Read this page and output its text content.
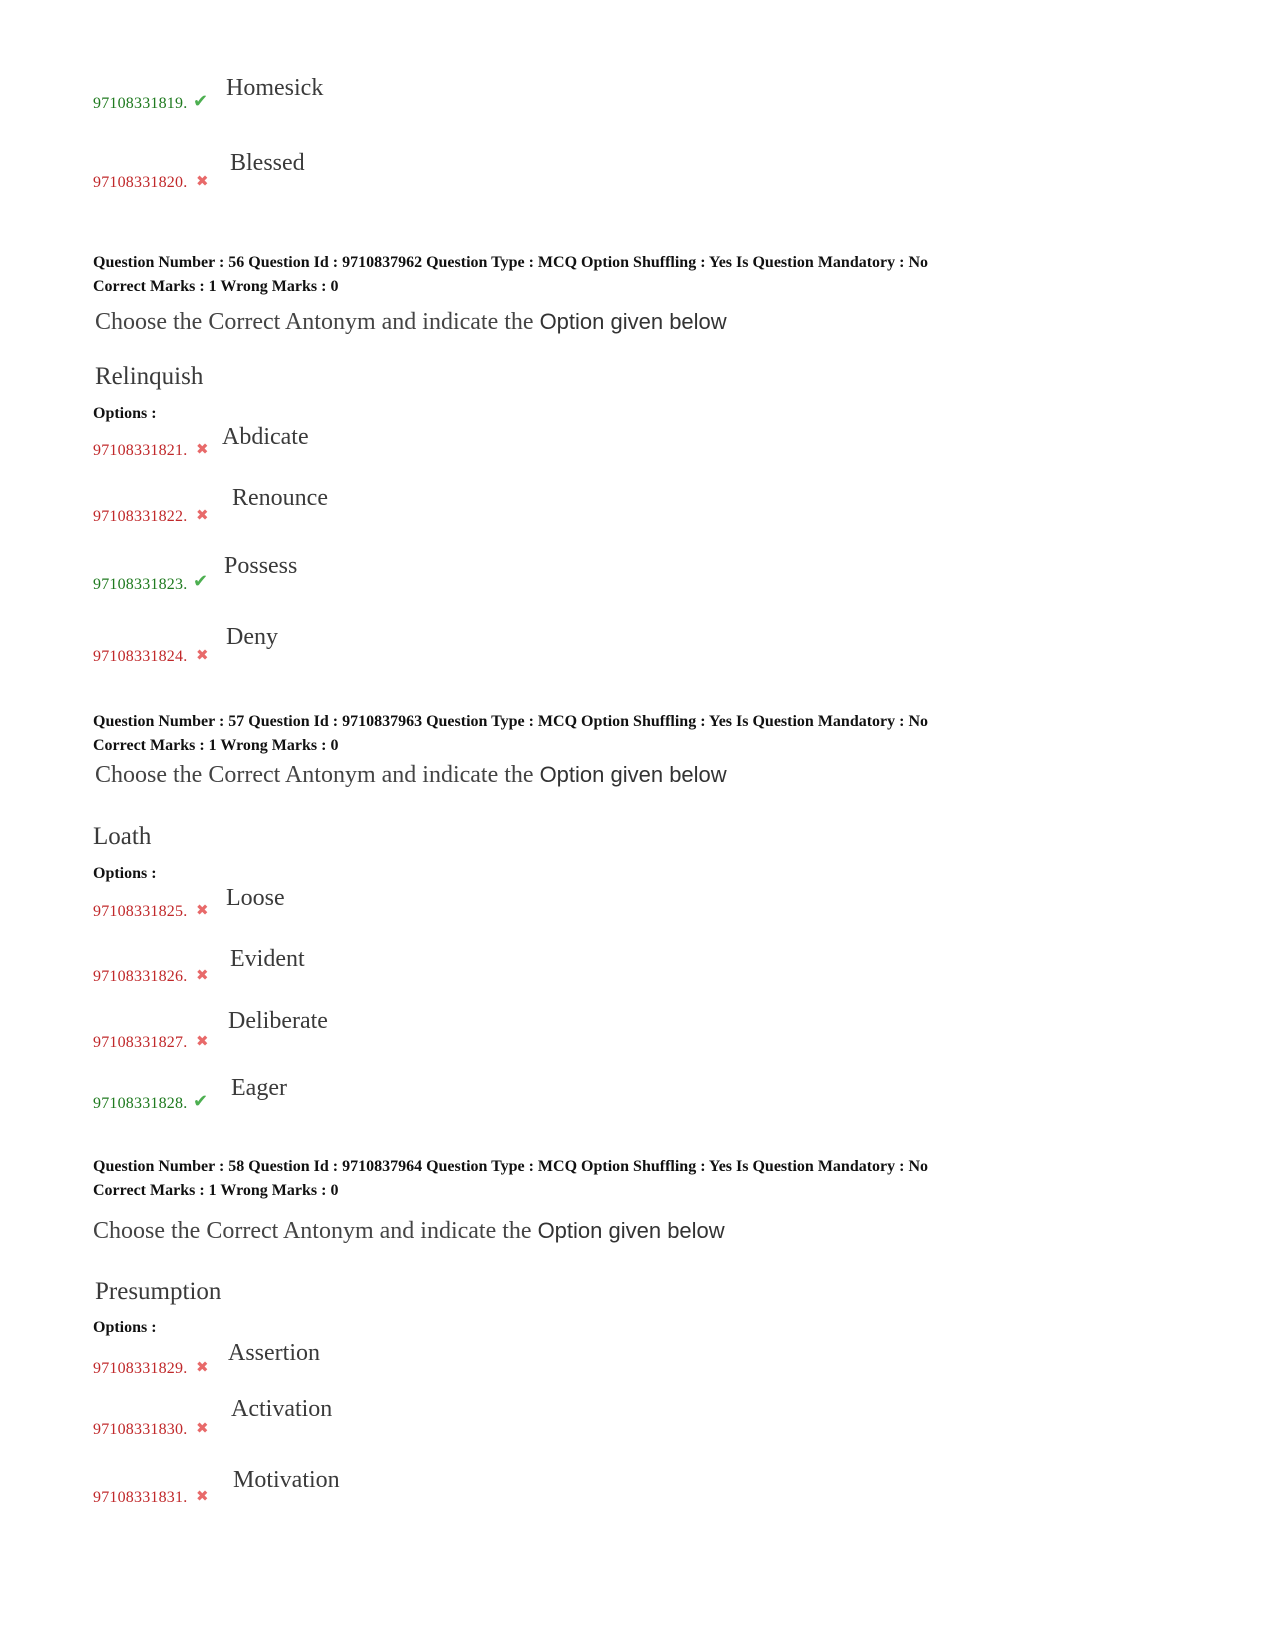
97108331819. ✔ Homesick
97108331820. ✖
Blessed
Question Number : 56 Question Id : 9710837962 Question Type : MCQ Option Shuffling : Yes Is Question Mandatory : No
Correct Marks : 1 Wrong Marks : 0
Choose the Correct Antonym and indicate the Option given below
Relinquish
Options :
97108331821. ✖ Abdicate
97108331822. ✖
Renounce
97108331823. ✔
Possess
97108331824. ✖
Deny
Question Number : 57 Question Id : 9710837963 Question Type : MCQ Option Shuffling : Yes Is Question Mandatory : No
Correct Marks : 1 Wrong Marks : 0
Choose the Correct Antonym and indicate the Option given below
Loath
Options :
97108331825. ✖ Loose
97108331826. ✖
Evident
97108331827. ✖
Deliberate
97108331828. ✔ Eager
Question Number : 58 Question Id : 9710837964 Question Type : MCQ Option Shuffling : Yes Is Question Mandatory : No
Correct Marks : 1 Wrong Marks : 0
Choose the Correct Antonym and indicate the Option given below
Presumption
Options :
97108331829. ✖
Assertion
97108331830. ✖
Activation
97108331831. ✖
Motivation
